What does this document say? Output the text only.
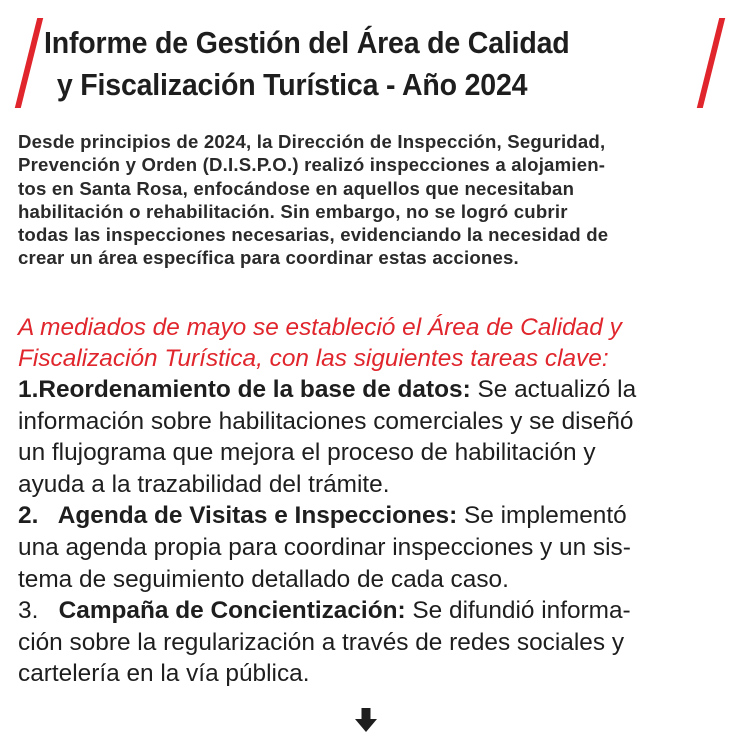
Informe de Gestión del Área de Calidad
y Fiscalización Turística - Año 2024
Desde principios de 2024, la Dirección de Inspección, Seguridad,
Prevención y Orden (D.I.S.P.O.) realizó inspecciones a alojamien-
tos en Santa Rosa, enfocándose en aquellos que necesitaban
habilitación o rehabilitación. Sin embargo, no se logró cubrir
todas las inspecciones necesarias, evidenciando la necesidad de
crear un área específica para coordinar estas acciones.
A mediados de mayo se estableció el Área de Calidad y
Fiscalización Turística, con las siguientes tareas clave:
1.Reordenamiento de la base de datos: Se actualizó la
información sobre habilitaciones comerciales y se diseñó
un flujograma que mejora el proceso de habilitación y
ayuda a la trazabilidad del trámite.
2.   Agenda de Visitas e Inspecciones: Se implementó
una agenda propia para coordinar inspecciones y un sis-
tema de seguimiento detallado de cada caso.
3.   Campaña de Concientización: Se difundió informa-
ción sobre la regularización a través de redes sociales y
cartelería en la vía pública.
